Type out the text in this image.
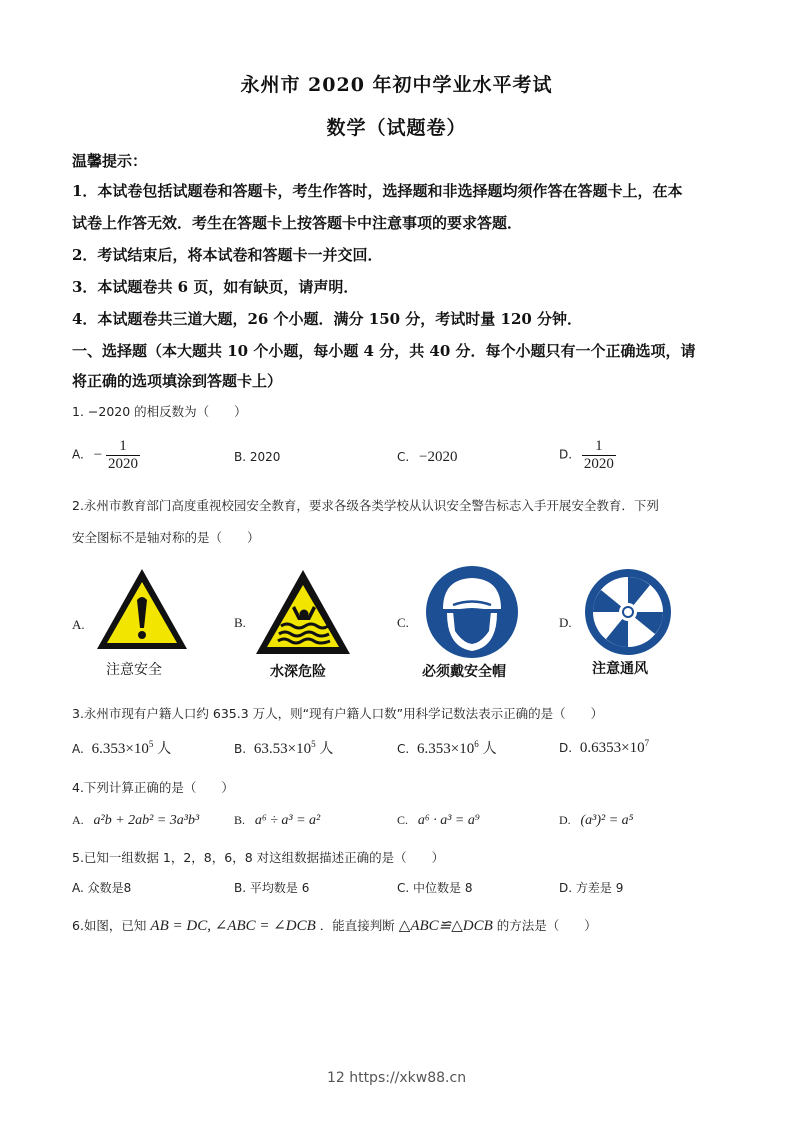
永州市 2020 年初中学业水平考试
数学（试题卷）
温馨提示：
1．本试卷包括试题卷和答题卡，考生作答时，选择题和非选择题均须作答在答题卡上，在本
试卷上作答无效．考生在答题卡上按答题卡中注意事项的要求答题．
2．考试结束后，将本试卷和答题卡一并交回．
3．本试题卷共 6 页，如有缺页，请声明．
4．本试题卷共三道大题，26 个小题．满分 150 分，考试时量 120 分钟．
一、选择题（本大题共 10 个小题，每小题 4 分，共 40 分．每个小题只有一个正确选项，请
将正确的选项填涂到答题卡上）
1. −2020 的相反数为（　　）
A. − $\frac{1}{2020}$	B. 2020	C. −2020	D. $\frac{1}{2020}$
2.永州市教育部门高度重视校园安全教育，要求各级各类学校从认识安全警告标志入手开展安全教育．下列
安全图标不是轴对称的是（　　）
A.
注意安全
B.
水深危险
C.
必须戴安全帽
D.
注意通风
3.永州市现有户籍人口约 635.3 万人，则“现有户籍人口数”用科学记数法表示正确的是（　　）
A. $6.353\times 10^5$ 人	B. $63.53\times 10^5$ 人	C. $6.353\times 10^6$ 人	D. $0.6353\times 10^7$
4.下列计算正确的是（　　）
A. a²b + 2ab² = 3a³b³	B. a⁶ ÷ a³ = a²	C. a⁶ · a³ = a⁹	D. (a³)² = a⁵
5.已知一组数据 1，2，8，6，8 对这组数据描述正确的是（　　）
A. 众数是8	B. 平均数是 6	C. 中位数是 8	D. 方差是 9
6.如图，已知 AB = DC, ∠ABC = ∠DCB ．能直接判断 △ABC≌△DCB 的方法是（　　）
12 https://xkw88.cn
